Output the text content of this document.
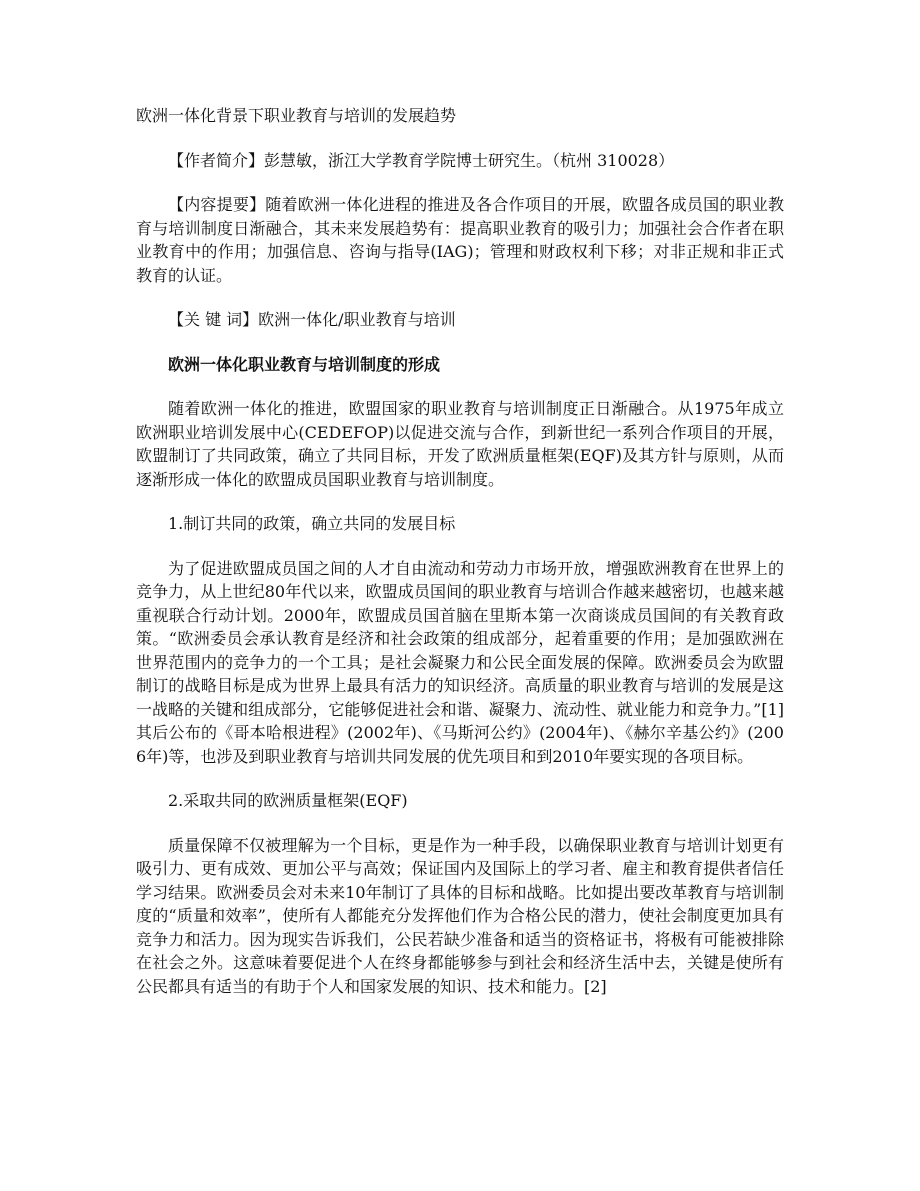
欧洲一体化背景下职业教育与培训的发展趋势

【作者简介】彭慧敏，浙江大学教育学院博士研究生。（杭州 310028）

【内容提要】随着欧洲一体化进程的推进及各合作项目的开展，欧盟各成员国的职业教育与培训制度日渐融合，其未来发展趋势有：提高职业教育的吸引力；加强社会合作者在职业教育中的作用；加强信息、咨询与指导(IAG)；管理和财政权利下移；对非正规和非正式教育的认证。

【关 键 词】欧洲一体化/职业教育与培训

欧洲一体化职业教育与培训制度的形成

随着欧洲一体化的推进，欧盟国家的职业教育与培训制度正日渐融合。从1975年成立欧洲职业培训发展中心(CEDEFOP)以促进交流与合作，到新世纪一系列合作项目的开展，欧盟制订了共同政策，确立了共同目标，开发了欧洲质量框架(EQF)及其方针与原则，从而逐渐形成一体化的欧盟成员国职业教育与培训制度。

1.制订共同的政策，确立共同的发展目标

为了促进欧盟成员国之间的人才自由流动和劳动力市场开放，增强欧洲教育在世界上的竞争力，从上世纪80年代以来，欧盟成员国间的职业教育与培训合作越来越密切，也越来越重视联合行动计划。2000年，欧盟成员国首脑在里斯本第一次商谈成员国间的有关教育政策。“欧洲委员会承认教育是经济和社会政策的组成部分，起着重要的作用；是加强欧洲在世界范围内的竞争力的一个工具；是社会凝聚力和公民全面发展的保障。欧洲委员会为欧盟制订的战略目标是成为世界上最具有活力的知识经济。高质量的职业教育与培训的发展是这一战略的关键和组成部分，它能够促进社会和谐、凝聚力、流动性、就业能力和竞争力。”[1]其后公布的《哥本哈根进程》(2002年)、《马斯河公约》(2004年)、《赫尔辛基公约》(2006年)等，也涉及到职业教育与培训共同发展的优先项目和到2010年要实现的各项目标。

2.采取共同的欧洲质量框架(EQF)

质量保障不仅被理解为一个目标，更是作为一种手段，以确保职业教育与培训计划更有吸引力、更有成效、更加公平与高效；保证国内及国际上的学习者、雇主和教育提供者信任学习结果。欧洲委员会对未来10年制订了具体的目标和战略。比如提出要改革教育与培训制度的“质量和效率”，使所有人都能充分发挥他们作为合格公民的潜力，使社会制度更加具有竞争力和活力。因为现实告诉我们，公民若缺少准备和适当的资格证书，将极有可能被排除在社会之外。这意味着要促进个人在终身都能够参与到社会和经济生活中去，关键是使所有公民都具有适当的有助于个人和国家发展的知识、技术和能力。[2]
